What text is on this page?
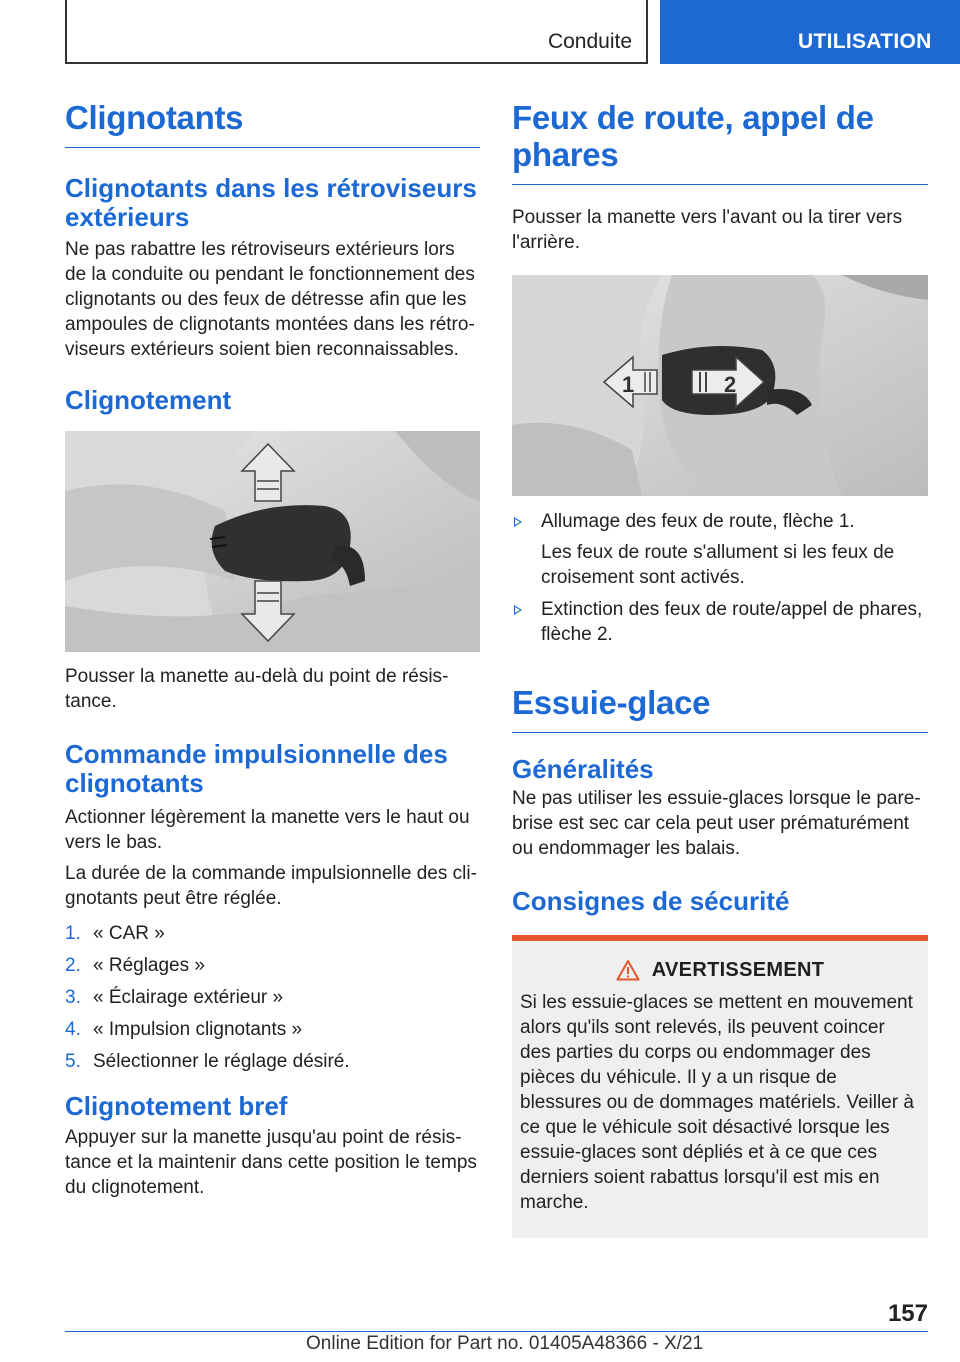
Conduite	UTILISATION
Clignotants
Clignotants dans les rétroviseurs extérieurs

Ne pas rabattre les rétroviseurs extérieurs lors de la conduite ou pendant le fonctionnement des clignotants ou des feux de détresse afin que les ampoules de clignotants montées dans les rétroviseurs extérieurs soient bien reconnaissables.

Clignotement

Pousser la manette au-delà du point de résistance.

Commande impulsionnelle des clignotants

Actionner légèrement la manette vers le haut ou vers le bas.

La durée de la commande impulsionnelle des clignotants peut être réglée.

1. « CAR »
2. « Réglages »
3. « Éclairage extérieur »
4. « Impulsion clignotants »
5. Sélectionner le réglage désiré.
Clignotement bref

Appuyer sur la manette jusqu'au point de résistance et la maintenir dans cette position le temps du clignotement.

Feux de route, appel de phares

Pousser la manette vers l'avant ou la tirer vers l'arrière.

1	2
Allumage des feux de route, flèche 1.

Les feux de route s'allument si les feux de croisement sont activés.

Extinction des feux de route/appel de phares, flèche 2.
Essuie-glace
Généralités

Ne pas utiliser les essuie-glaces lorsque le pare-brise est sec car cela peut user prématurément ou endommager les balais.

Consignes de sécurité
AVERTISSEMENT

Si les essuie-glaces se mettent en mouvement alors qu'ils sont relevés, ils peuvent coincer des parties du corps ou endommager des pièces du véhicule. Il y a un risque de blessures ou de dommages matériels. Veiller à ce que le véhicule soit désactivé lorsque les essuie-glaces sont dépliés et à ce que ces derniers soient rabattus lorsqu'il est mis en marche.

157
Online Edition for Part no. 01405A48366 - X/21
